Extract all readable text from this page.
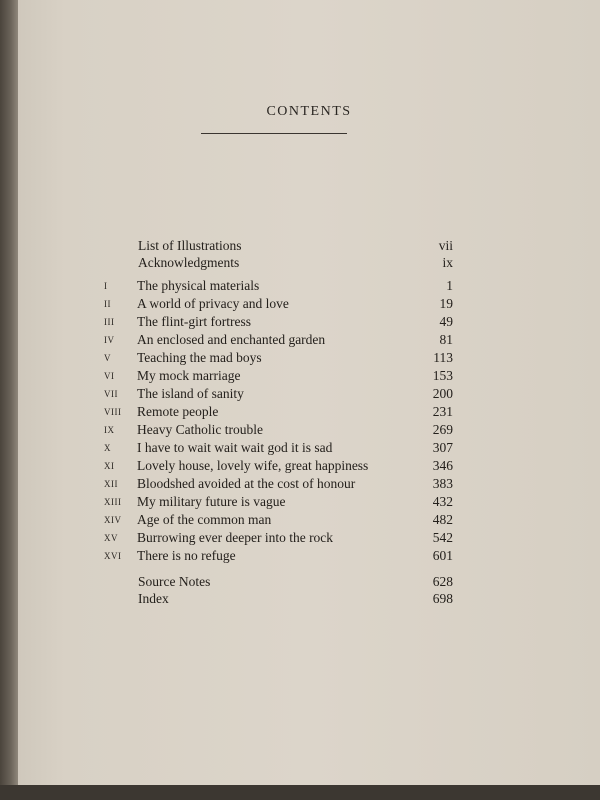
CONTENTS
List of Illustrations	vii
Acknowledgments	ix
I The physical materials	1
II A world of privacy and love	19
III The flint-girt fortress	49
IV An enclosed and enchanted garden	81
V Teaching the mad boys	113
VI My mock marriage	153
VII The island of sanity	200
VIII Remote people	231
IX Heavy Catholic trouble	269
X I have to wait wait wait god it is sad	307
XI Lovely house, lovely wife, great happiness	346
XII Bloodshed avoided at the cost of honour	383
XIII My military future is vague	432
XIV Age of the common man	482
XV Burrowing ever deeper into the rock	542
XVI There is no refuge	601
Source Notes	628
Index	698
